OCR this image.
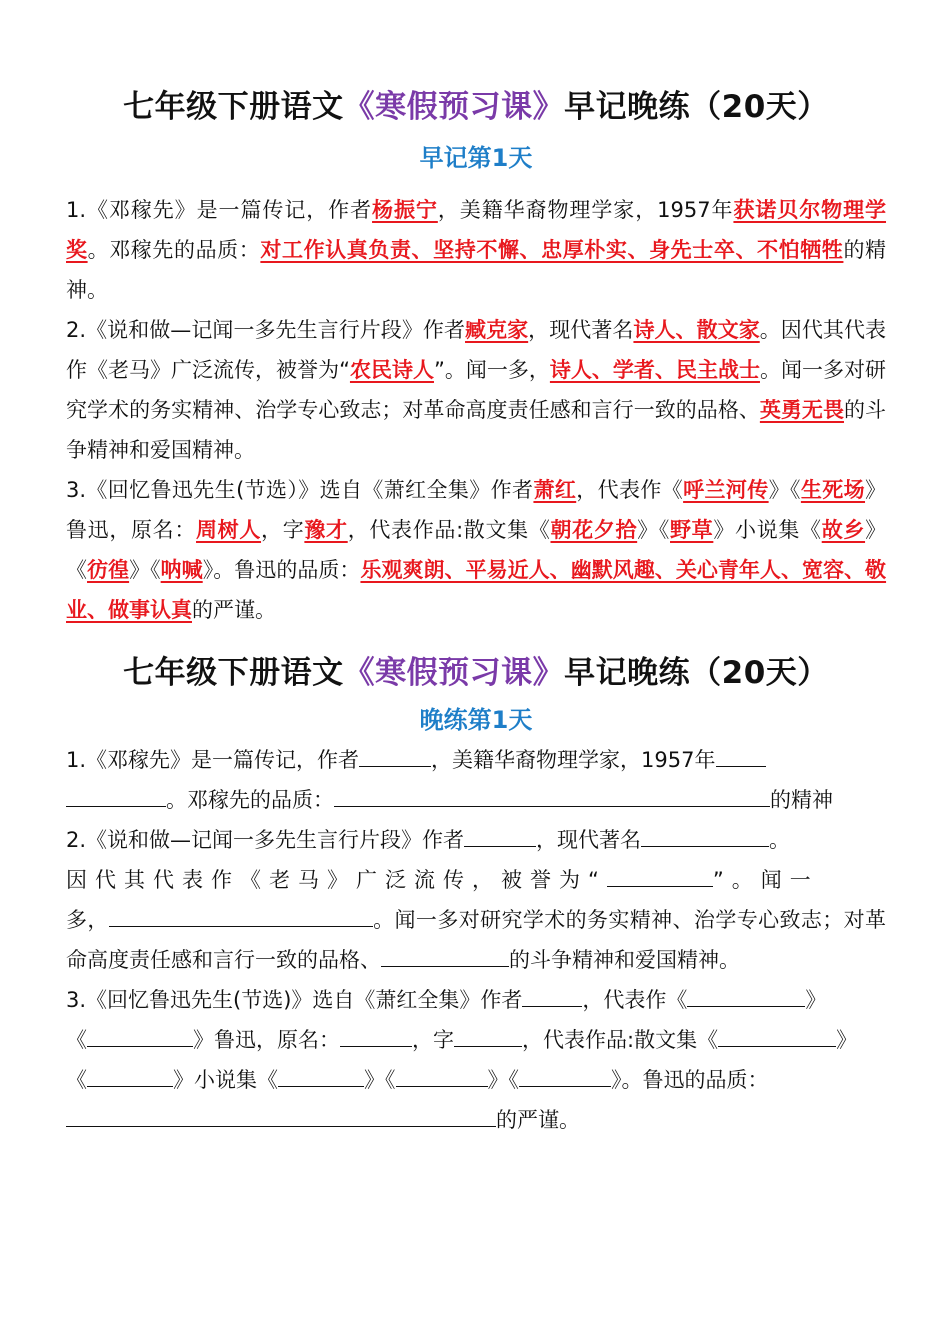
七年级下册语文《寒假预习课》早记晚练（20天）
早记第1天

1.《邓稼先》是一篇传记，作者杨振宁，美籍华裔物理学家，1957年获诺贝尔物理学奖。邓稼先的品质：对工作认真负责、坚持不懈、忠厚朴实、身先士卒、不怕牺牲的精神。

2.《说和做—记闻一多先生言行片段》作者臧克家，现代著名诗人、散文家。因代其代表作《老马》广泛流传，被誉为“农民诗人”。闻一多，诗人、学者、民主战士。闻一多对研究学术的务实精神、治学专心致志；对革命高度责任感和言行一致的品格、英勇无畏的斗争精神和爱国精神。

3.《回忆鲁迅先生(节选）》选自《萧红全集》作者萧红，代表作《呼兰河传》《生死场》鲁迅，原名：周树人，字豫才，代表作品:散文集《朝花夕拾》《野草》小说集《故乡》《彷徨》《呐喊》。鲁迅的品质：乐观爽朗、平易近人、幽默风趣、关心青年人、宽容、敬业、做事认真的严谨。

七年级下册语文《寒假预习课》早记晚练（20天）
晚练第1天

1.《邓稼先》是一篇传记，作者	，美籍华裔物理学家，1957年
。邓稼先的品质：	的精神

2.《说和做—记闻一多先生言行片段》作者	，现代著名	。
因代其代表作《老马》广泛流传，被誉为“	”。闻一
多，	。闻一多对研究学术的务实精神、治学专心致志；对革命高度责任感和言行一致的品格、	的斗争精神和爱国精神。

3.《回忆鲁迅先生(节选)》选自《萧红全集》作者	，代表作《	》
《	》鲁迅，原名：	，字	，代表作品:散文集《	》
《	》小说集《	》《	》《	》。鲁迅的品质：
的严谨。
